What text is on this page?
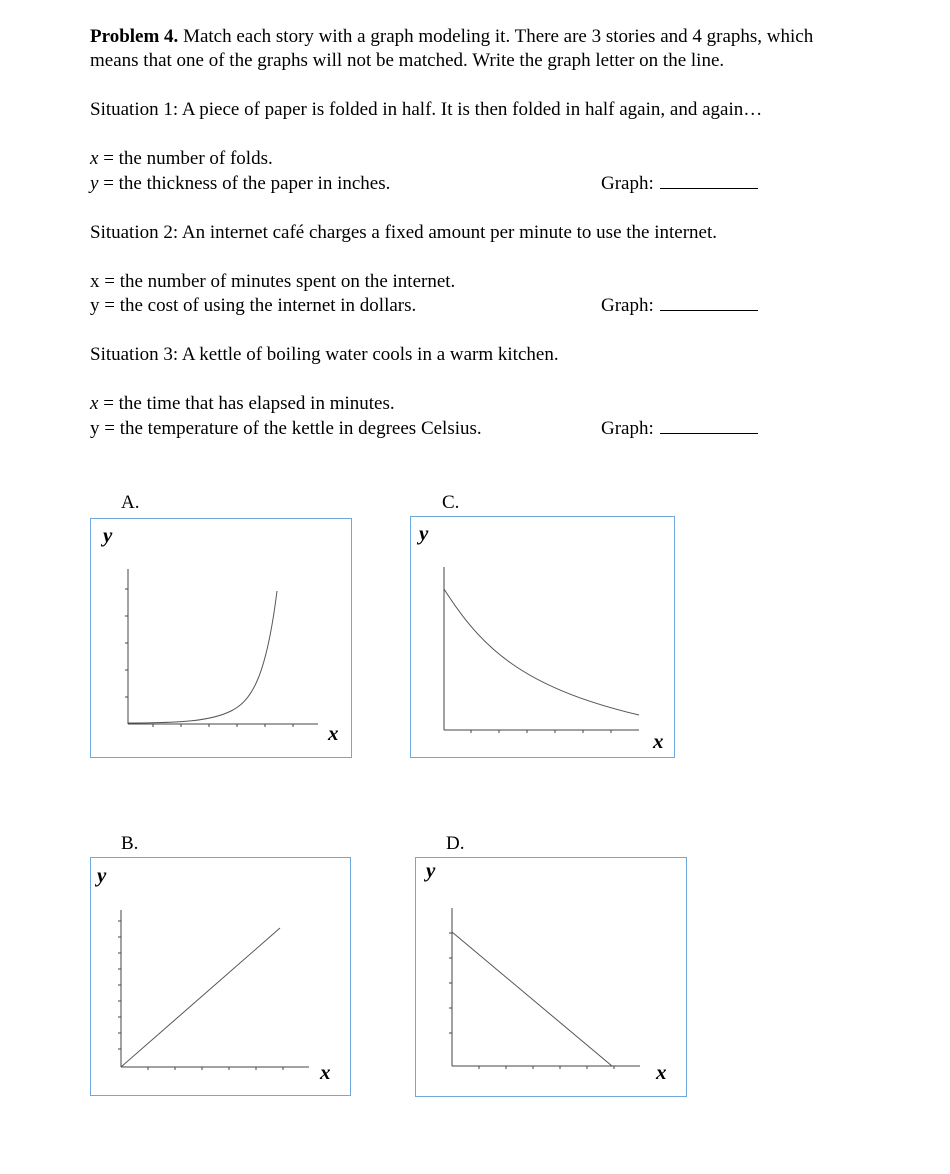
Problem 4. Match each story with a graph modeling it. There are 3 stories and 4 graphs, which
means that one of the graphs will not be matched. Write the graph letter on the line.
Situation 1: A piece of paper is folded in half. It is then folded in half again, and again…
x = the number of folds.
y = the thickness of the paper in inches.	Graph:
Situation 2: An internet café charges a fixed amount per minute to use the internet.
x = the number of minutes spent on the internet.
y = the cost of using the internet in dollars.	Graph:
Situation 3: A kettle of boiling water cools in a warm kitchen.
x = the time that has elapsed in minutes.
y = the temperature of the kettle in degrees Celsius.	Graph:
A.
y
x
C.
y
x
B.
y
x
D.
y
x
